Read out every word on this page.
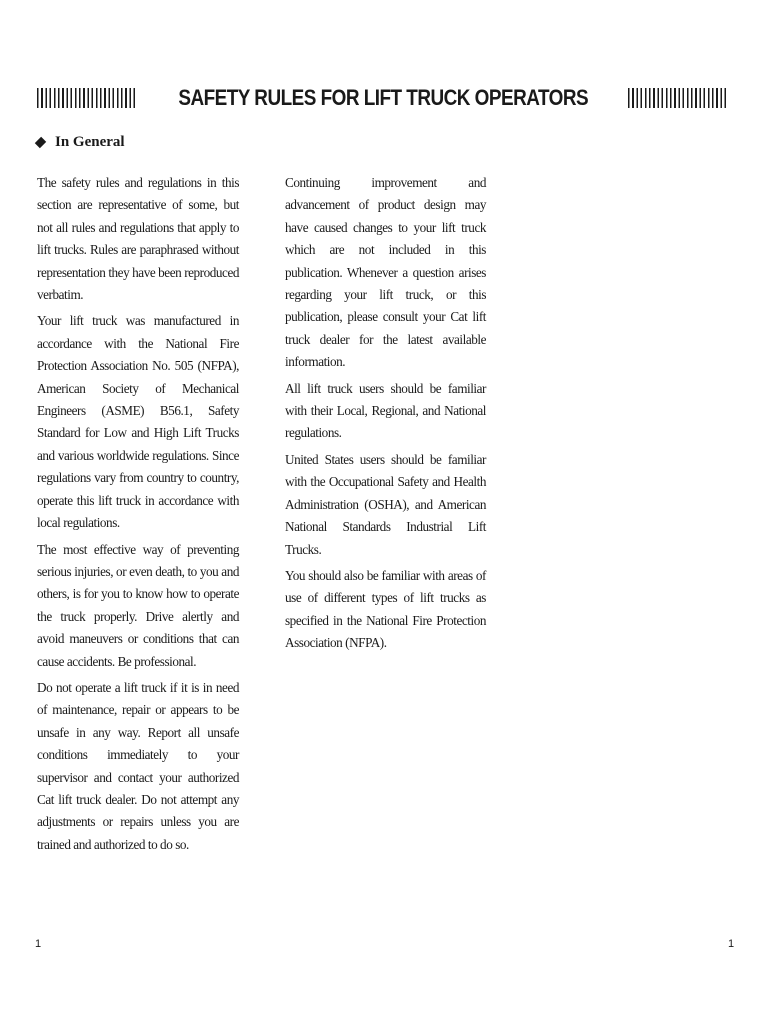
SAFETY RULES FOR LIFT TRUCK OPERATORS
In General

The safety rules and regulations in this section are representative of some, but not all rules and regulations that apply to lift trucks. Rules are paraphrased without representation they have been reproduced verbatim.

Your lift truck was manufactured in accordance with the National Fire Protection Association No. 505 (NFPA), American Society of Mechanical Engineers (ASME) B56.1, Safety Standard for Low and High Lift Trucks and various worldwide regulations. Since regulations vary from country to country, operate this lift truck in accordance with local regulations.

The most effective way of preventing serious injuries, or even death, to you and others, is for you to know how to operate the truck properly. Drive alertly and avoid maneuvers or conditions that can cause accidents. Be professional.

Do not operate a lift truck if it is in need of maintenance, repair or appears to be unsafe in any way. Report all unsafe conditions immediately to your supervisor and contact your authorized Cat lift truck dealer. Do not attempt any adjustments or repairs unless you are trained and authorized to do so.

Continuing improvement and advancement of product design may have caused changes to your lift truck which are not included in this publication. Whenever a question arises regarding your lift truck, or this publication, please consult your Cat lift truck dealer for the latest available information.

All lift truck users should be familiar with their Local, Regional, and National regulations.

United States users should be familiar with the Occupational Safety and Health Administration (OSHA), and American National Standards Industrial Lift Trucks.

You should also be familiar with areas of use of different types of lift trucks as specified in the National Fire Protection Association (NFPA).

1	1
